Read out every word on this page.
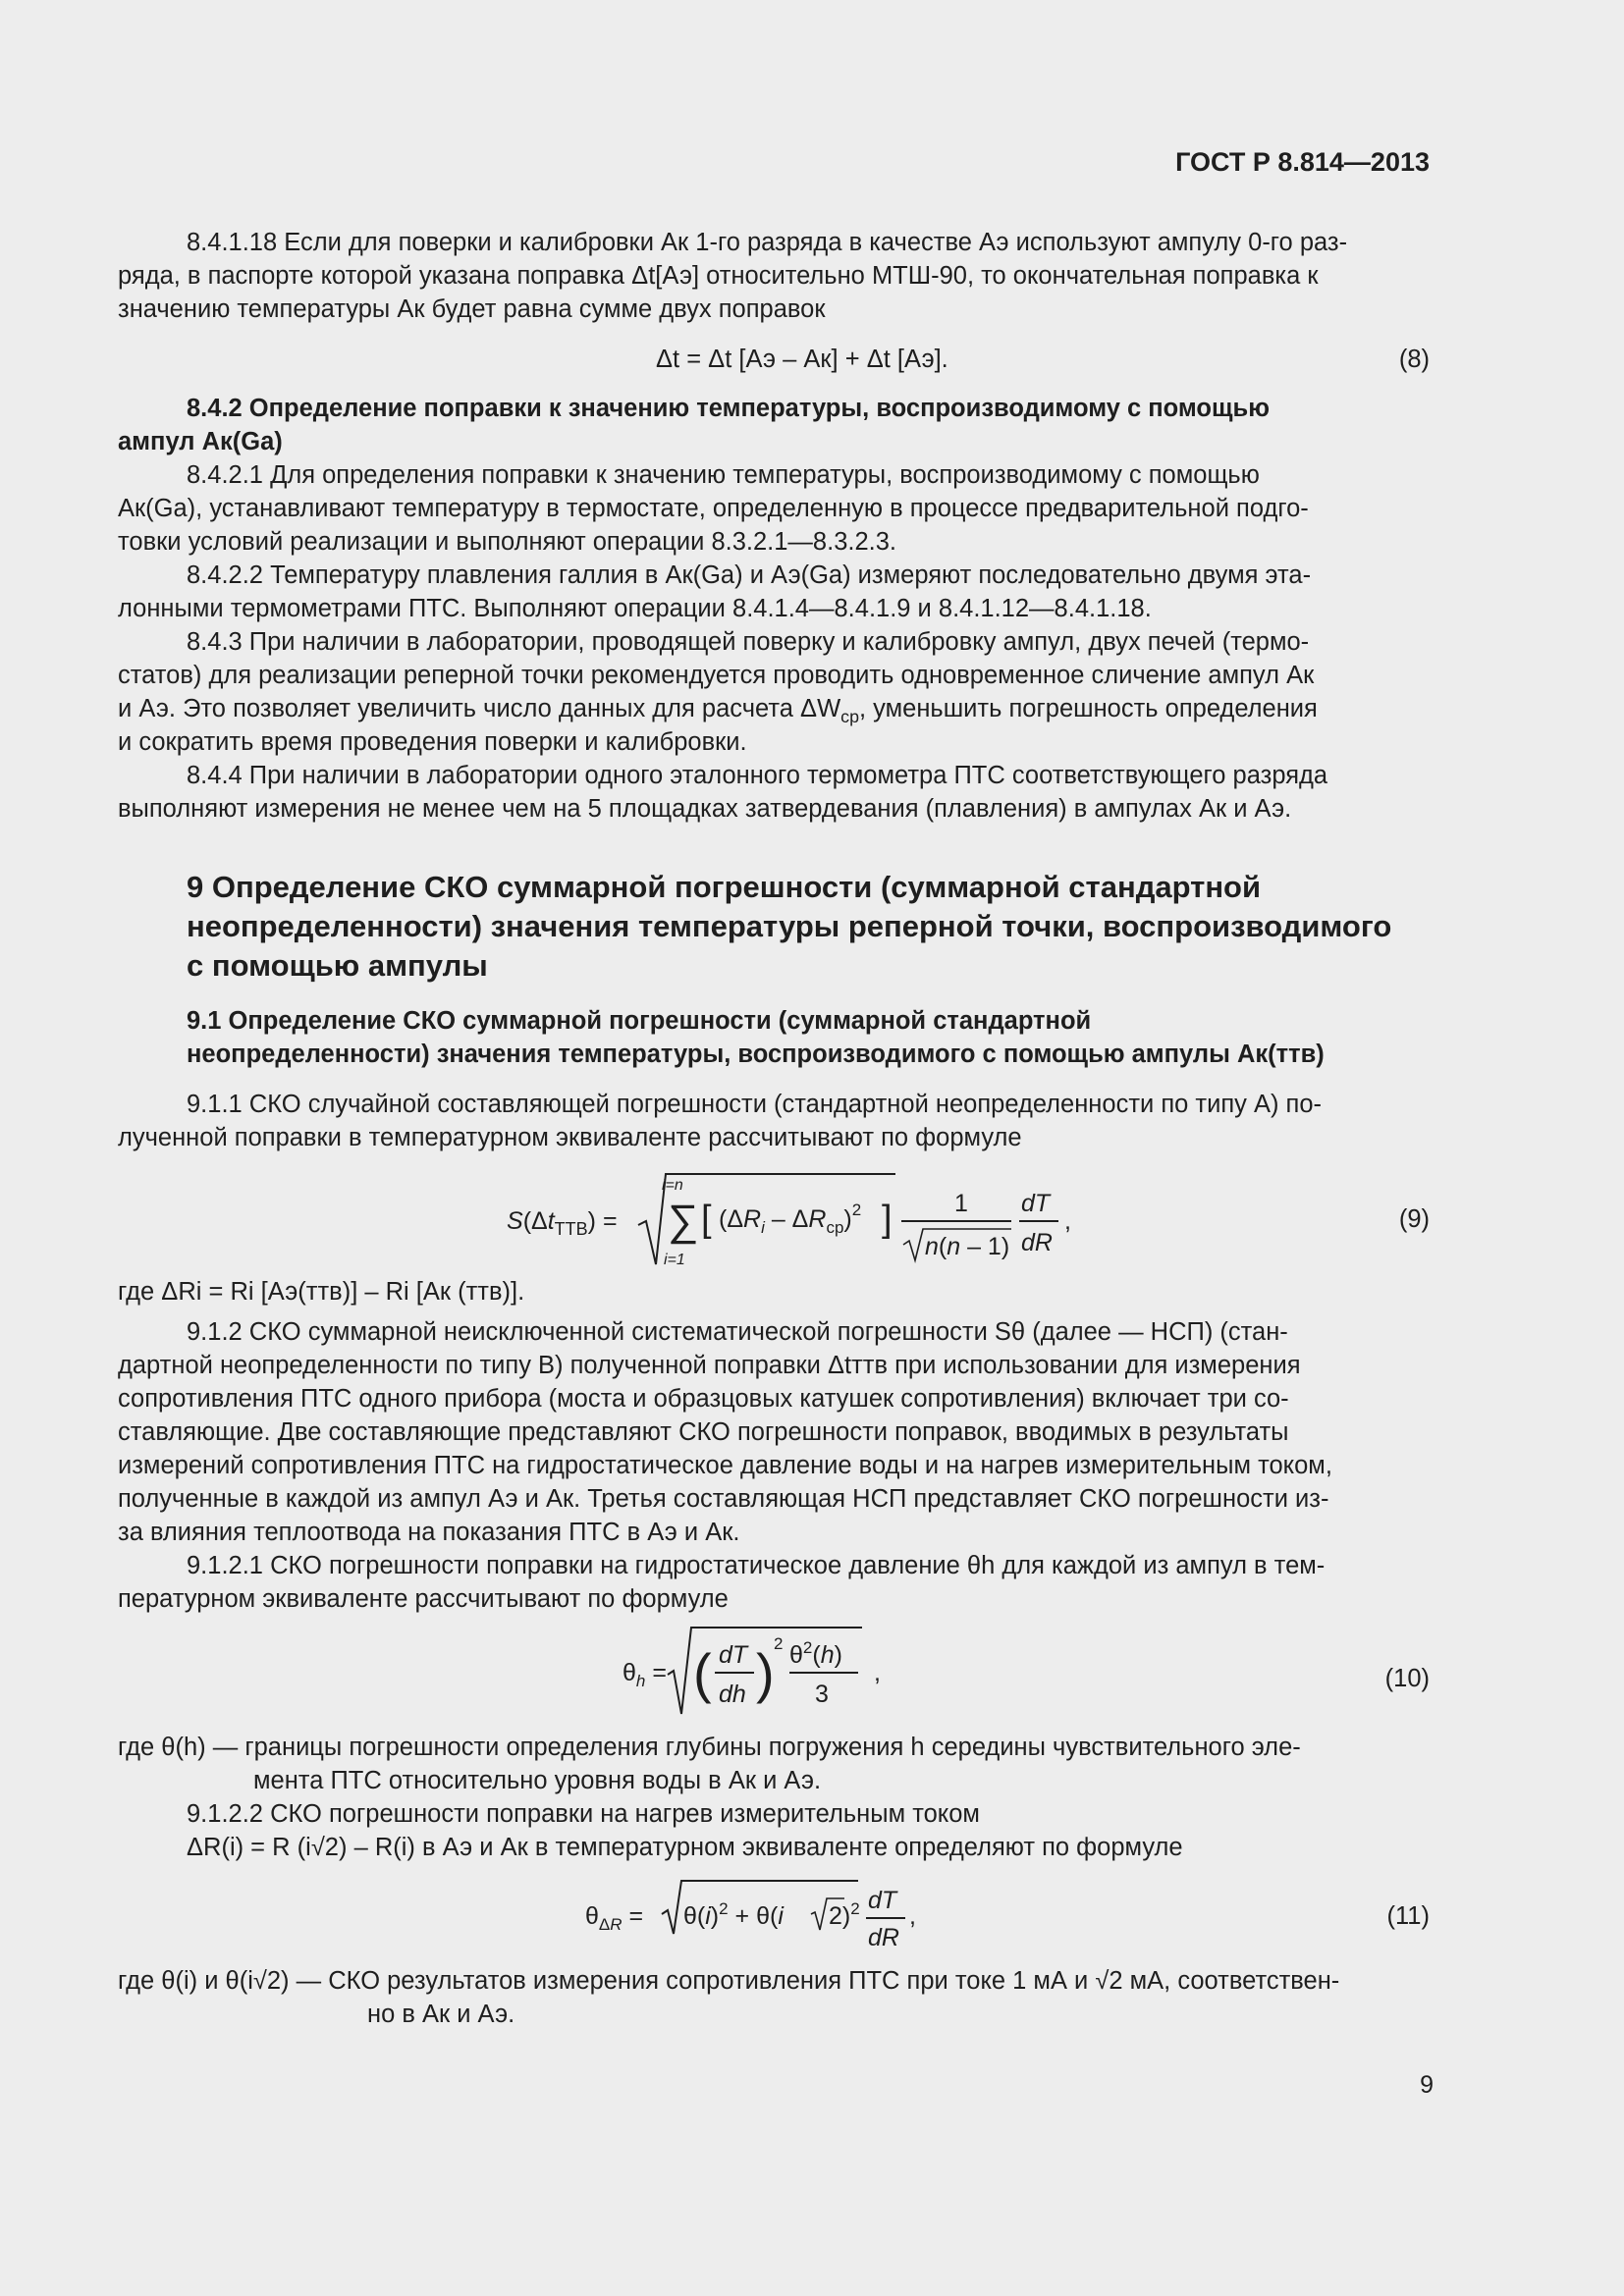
ГОСТ Р 8.814—2013
8.4.1.18 Если для поверки и калибровки Ак 1-го разряда в качестве Аэ используют ампулу 0-го раз-
ряда, в паспорте которой указана поправка Δt[Аэ] относительно МТШ-90, то окончательная поправка к
значению температуры Ак будет равна сумме двух поправок
Δt = Δt [Аэ – Ак] + Δt [Аэ].	(8)
8.4.2 Определение поправки к значению температуры, воспроизводимому с помощью
ампул Ак(Ga)
8.4.2.1 Для определения поправки к значению температуры, воспроизводимому с помощью
Ак(Ga), устанавливают температуру в термостате, определенную в процессе предварительной подго-
товки условий реализации и выполняют операции 8.3.2.1—8.3.2.3.
8.4.2.2 Температуру плавления галлия в Ак(Ga) и Аэ(Ga) измеряют последовательно двумя эта-
лонными термометрами ПТС. Выполняют операции 8.4.1.4—8.4.1.9 и 8.4.1.12—8.4.1.18.
8.4.3 При наличии в лаборатории, проводящей поверку и калибровку ампул, двух печей (термо-
статов) для реализации реперной точки рекомендуется проводить одновременное сличение ампул Ак
и Аэ. Это позволяет увеличить число данных для расчета $\Delta W_{ср}$, уменьшить погрешность определения
и сократить время проведения поверки и калибровки.
8.4.4 При наличии в лаборатории одного эталонного термометра ПТС соответствующего разряда
выполняют измерения не менее чем на 5 площадках затвердевания (плавления) в ампулах Ак и Аэ.
9 Определение СКО суммарной погрешности (суммарной стандартной
неопределенности) значения температуры реперной точки, воспроизводимого
с помощью ампулы
9.1 Определение СКО суммарной погрешности (суммарной стандартной
неопределенности) значения температуры, воспроизводимого с помощью ампулы Ак(ттв)
9.1.1 СКО случайной составляющей погрешности (стандартной неопределенности по типу А) по-
лученной поправки в температурном эквиваленте рассчитывают по формуле
$S(\Delta t_{ТТВ})$ =
i=n
∑
i=1
[ $(\Delta R_i - \Delta R_{ср})^2$ ]	1
n(n – 1)
dT
dR
,	(9)
где ΔRi = Ri [Аэ(ттв)] – Ri [Ак (ттв)].
9.1.2 СКО суммарной неисключенной систематической погрешности Sθ (далее — НСП) (стан-
дартной неопределенности по типу В) полученной поправки Δtттв при использовании для измерения
сопротивления ПТС одного прибора (моста и образцовых катушек сопротивления) включает три со-
ставляющие. Две составляющие представляют СКО погрешности поправок, вводимых в результаты
измерений сопротивления ПТС на гидростатическое давление воды и на нагрев измерительным током,
полученные в каждой из ампул Аэ и Ак. Третья составляющая НСП представляет СКО погрешности из-
за влияния теплоотвода на показания ПТС в Аэ и Ак.
9.1.2.1 СКО погрешности поправки на гидростатическое давление θh для каждой из ампул в тем-
пературном эквиваленте рассчитывают по формуле
$\theta_h$ = ( dT
dh ) 2 $\theta^2(h)$
3
,	(10)
где θ(h) — границы погрешности определения глубины погружения h середины чувствительного эле-
мента ПТС относительно уровня воды в Ак и Аэ.
9.1.2.2 СКО погрешности поправки на нагрев измерительным током
ΔR(i) = R (i√2) – R(i) в Аэ и Ак в температурном эквиваленте определяют по формуле
$\theta_\Delta R = \theta(i)^2 + \theta(i$ 2)$^2$ dT
dR
,	(11)
где θ(i) и θ(i√2) — СКО результатов измерения сопротивления ПТС при токе 1 мА и √2 мА, соответствен-
но в Ак и Аэ.
9
